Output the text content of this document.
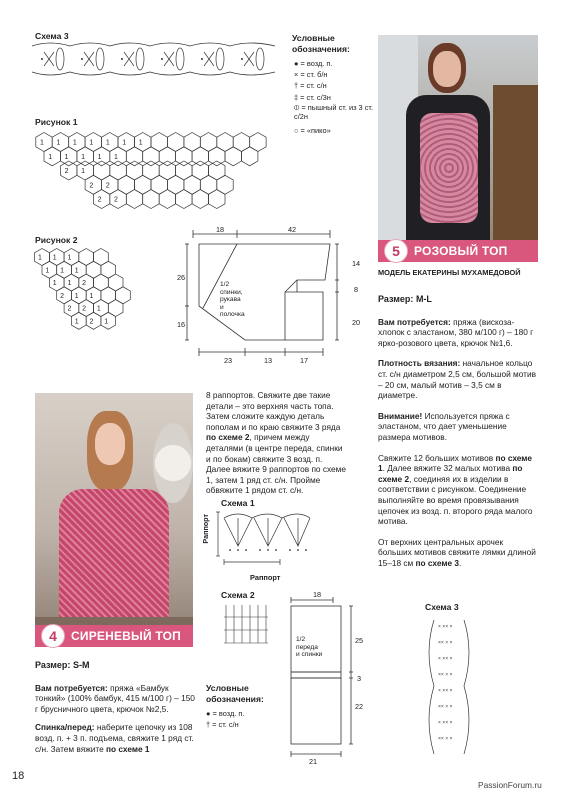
Схема 3	Условные обозначения:
● = возд. п.
× = ст. б/н
† = ст. с/н
‡ = ст. с/3н
⦶ = пышный ст. из 3 ст. с/2н
○ = «пико»
Рисунок 1
1 1 1 1 1 1 1
1 1 1 1 1
2 1
2 2
2 2
Рисунок 2
1 1 1
1 1 1
1 1 2
2 1 1
2 2 1
1 2 1
18	42
26
16
14
8
20
23	13	17
1/2
спинки,
рукава
и
полочка
5	РОЗОВЫЙ ТОП
МОДЕЛЬ ЕКАТЕРИНЫ МУХАМЕДОВОЙ
Размер: M-L
Вам потребуется: пряжа (вискоза-хлопок с эластаном, 380 м/100 г) – 180 г ярко-розового цвета, крючок №1,6.
Плотность вязания: начальное кольцо ст. с/н диаметром 2,5 см, большой мотив – 20 см, малый мотив – 3,5 см в диаметре.
Внимание! Используется пряжа с эластаном, что дает уменьшение размера мотивов.
Свяжите 12 больших мотивов по схеме 1. Далее вяжите 32 малых мотива по схеме 2, соединяя их в изделии в соответствии с рисунком. Соединение выполняйте во время провязывания цепочек из возд. п. второго ряда малого мотива.
От верхних центральных арочек больших мотивов свяжите лямки длиной 15–18 см по схеме 3.
Схема 3
× ×× ×
×× × ×
× ×× ×
×× × ×
× ×× ×
×× × ×
× ×× ×
×× × ×
4	СИРЕНЕВЫЙ ТОП
Размер: S-M
Вам потребуется: пряжа «Бамбук тонкий» (100% бамбук, 415 м/100 г) – 150 г брусничного цвета, крючок №2,5.
Спинка/перед: наберите цепочку из 108 возд. п. + 3 п. подъема, свяжите 1 ряд ст. с/н. Затем вяжите по схеме 1
8 раппортов. Свяжите две такие детали – это верхняя часть топа. Затем сложите каждую деталь пополам и по краю свяжите 3 ряда по схеме 2, причем между деталями (в центре переда, спинки и по бокам) свяжите 3 возд. п. Далее вяжите 9 раппортов по схеме 1, затем 1 ряд ст. с/н. Пройме обвяжите 1 рядом ст. с/н.
Схема 1
Раппорт
Раппорт
Схема 2
Условные обозначения:
● = возд. п.
† = ст. с/н
18
25
3
22
21
1/2
переда
и спинки
18
PassionForum.ru
